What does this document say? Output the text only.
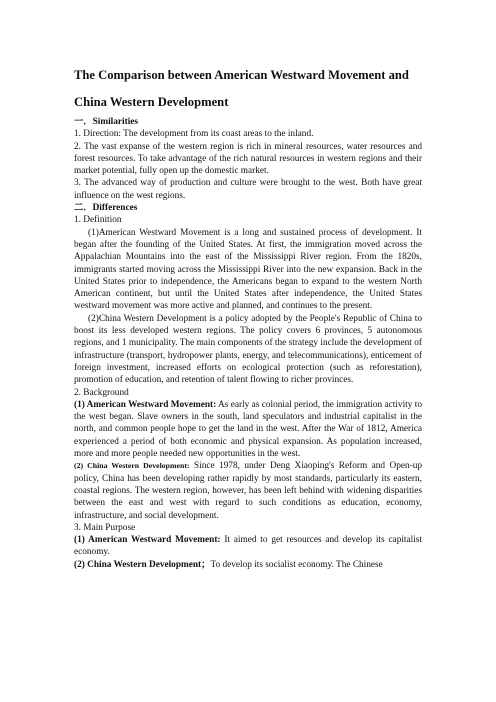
The Comparison between American Westward Movement and China Western Development

一．Similarities

1. Direction: The development from its coast areas to the inland.

2. The vast expanse of the western region is rich in mineral resources, water resources and forest resources. To take advantage of the rich natural resources in western regions and their market potential, fully open up the domestic market.

3. The advanced way of production and culture were brought to the west. Both have great influence on the west regions.

二．Differences

1. Definition

(1)American Westward Movement is a long and sustained process of development. It began after the founding of the United States. At first, the immigration moved across the Appalachian Mountains into the east of the Mississippi River region. From the 1820s, immigrants started moving across the Mississippi River into the new expansion. Back in the United States prior to independence, the Americans began to expand to the western North American continent, but until the United States after independence, the United States westward movement was more active and planned, and continues to the present.

(2)China Western Development is a policy adopted by the People's Republic of China to boost its less developed western regions. The policy covers 6 provinces, 5 autonomous regions, and 1 municipality. The main components of the strategy include the development of infrastructure (transport, hydropower plants, energy, and telecommunications), enticement of foreign investment, increased efforts on ecological protection (such as reforestation), promotion of education, and retention of talent flowing to richer provinces.

2. Background

(1) American Westward Movement: As early as colonial period, the immigration activity to the west began. Slave owners in the south, land speculators and industrial capitalist in the north, and common people hope to get the land in the west. After the War of 1812, America experienced a period of both economic and physical expansion. As population increased, more and more people needed new opportunities in the west.

(2) China Western Development: Since 1978, under Deng Xiaoping's Reform and Open-up policy, China has been developing rather rapidly by most standards, particularly its eastern, coastal regions. The western region, however, has been left behind with widening disparities between the east and west with regard to such conditions as education, economy, infrastructure, and social development.

3. Main Purpose

(1) American Westward Movement: It aimed to get resources and develop its capitalist economy.

(2) China Western Development；To develop its socialist economy. The Chinese
